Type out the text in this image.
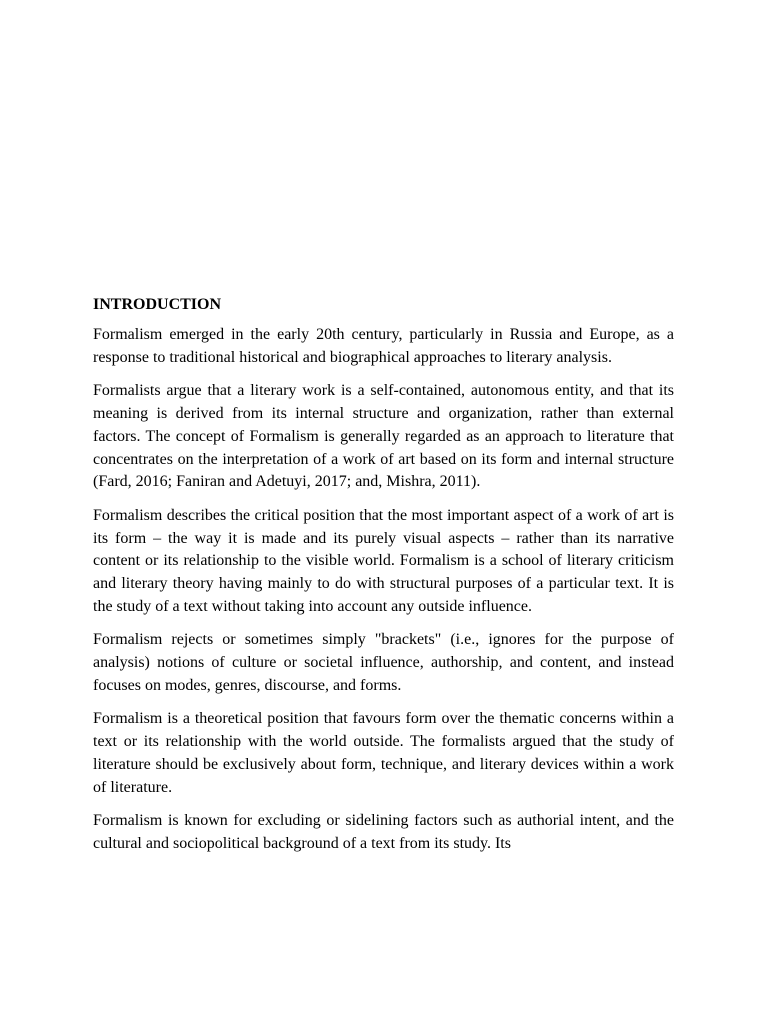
INTRODUCTION

Formalism emerged in the early 20th century, particularly in Russia and Europe, as a response to traditional historical and biographical approaches to literary analysis.

Formalists argue that a literary work is a self-contained, autonomous entity, and that its meaning is derived from its internal structure and organization, rather than external factors. The concept of Formalism is generally regarded as an approach to literature that concentrates on the interpretation of a work of art based on its form and internal structure (Fard, 2016; Faniran and Adetuyi, 2017; and, Mishra, 2011).

Formalism describes the critical position that the most important aspect of a work of art is its form – the way it is made and its purely visual aspects – rather than its narrative content or its relationship to the visible world. Formalism is a school of literary criticism and literary theory having mainly to do with structural purposes of a particular text. It is the study of a text without taking into account any outside influence.

Formalism rejects or sometimes simply "brackets" (i.e., ignores for the purpose of analysis) notions of culture or societal influence, authorship, and content, and instead focuses on modes, genres, discourse, and forms.

Formalism is a theoretical position that favours form over the thematic concerns within a text or its relationship with the world outside. The formalists argued that the study of literature should be exclusively about form, technique, and literary devices within a work of literature.

Formalism is known for excluding or sidelining factors such as authorial intent, and the cultural and sociopolitical background of a text from its study. Its
